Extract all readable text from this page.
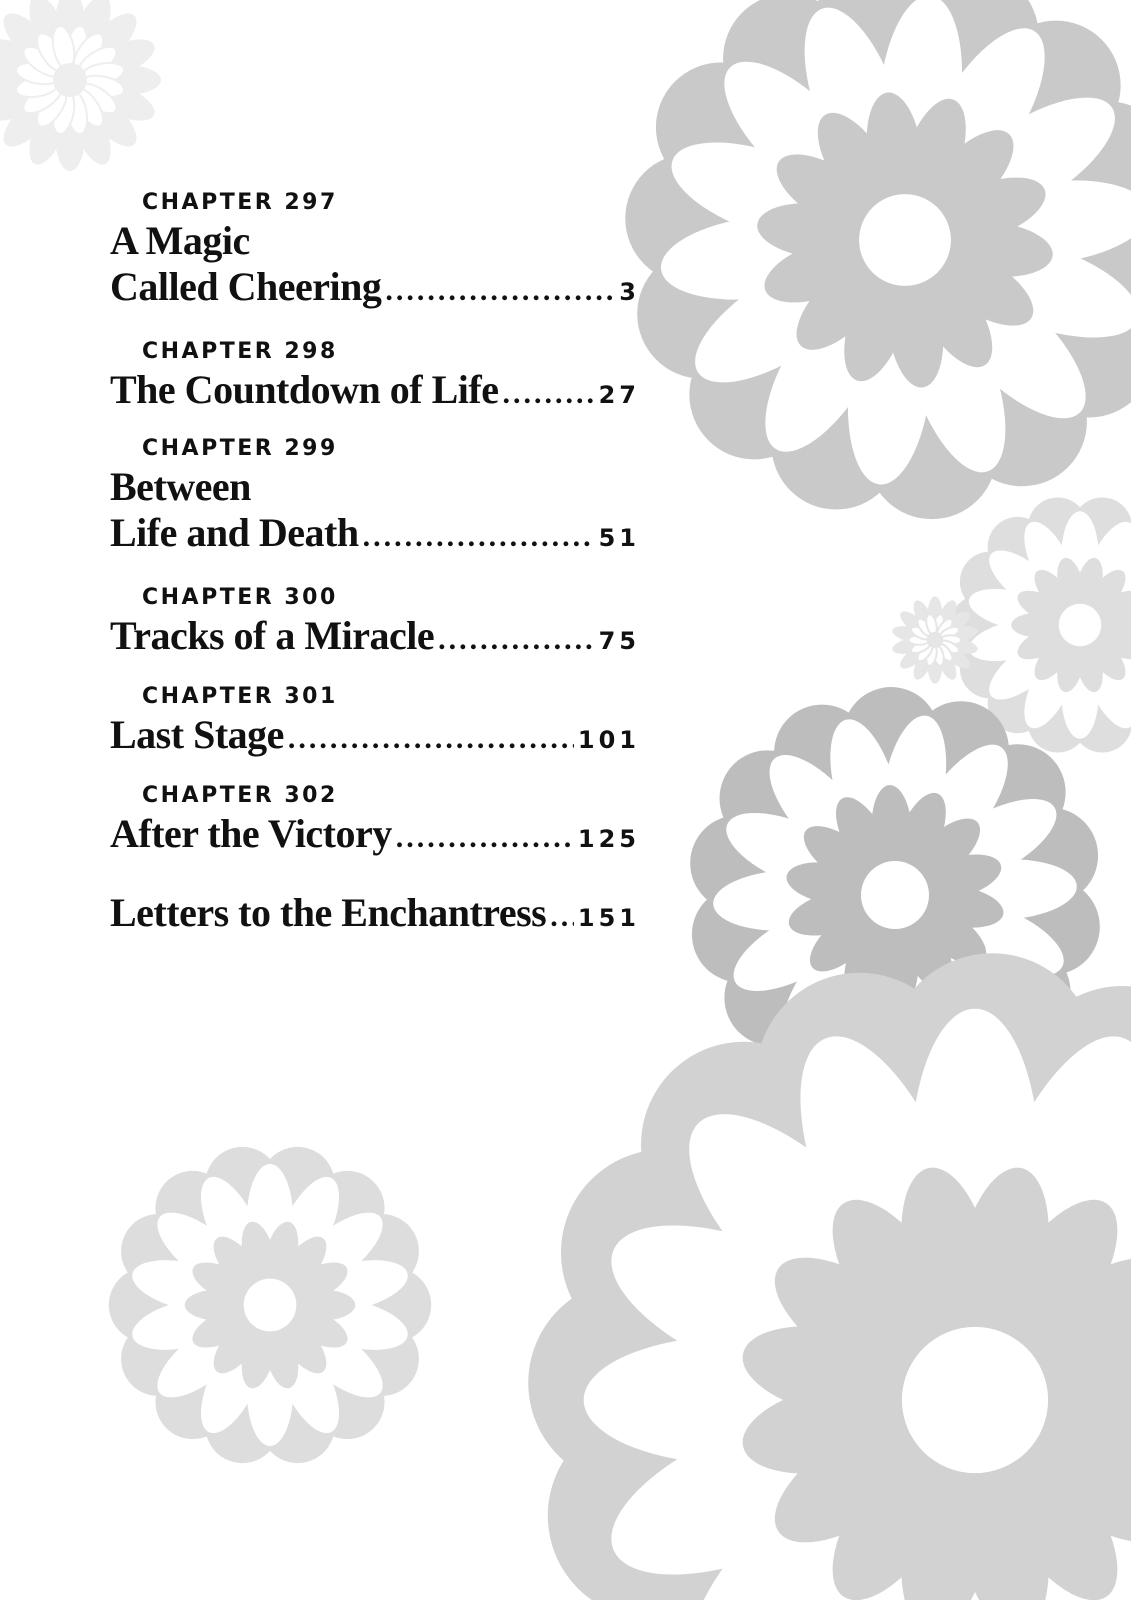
CHAPTER 297
A Magic
Called Cheering .....	3
CHAPTER 298
The Countdown of Life .....	27
CHAPTER 299
Between
Life and Death .....	51
CHAPTER 300
Tracks of a Miracle .....	75
CHAPTER 301
Last Stage .....	101
CHAPTER 302
After the Victory .....	125
Letters to the Enchantress ..... 151
